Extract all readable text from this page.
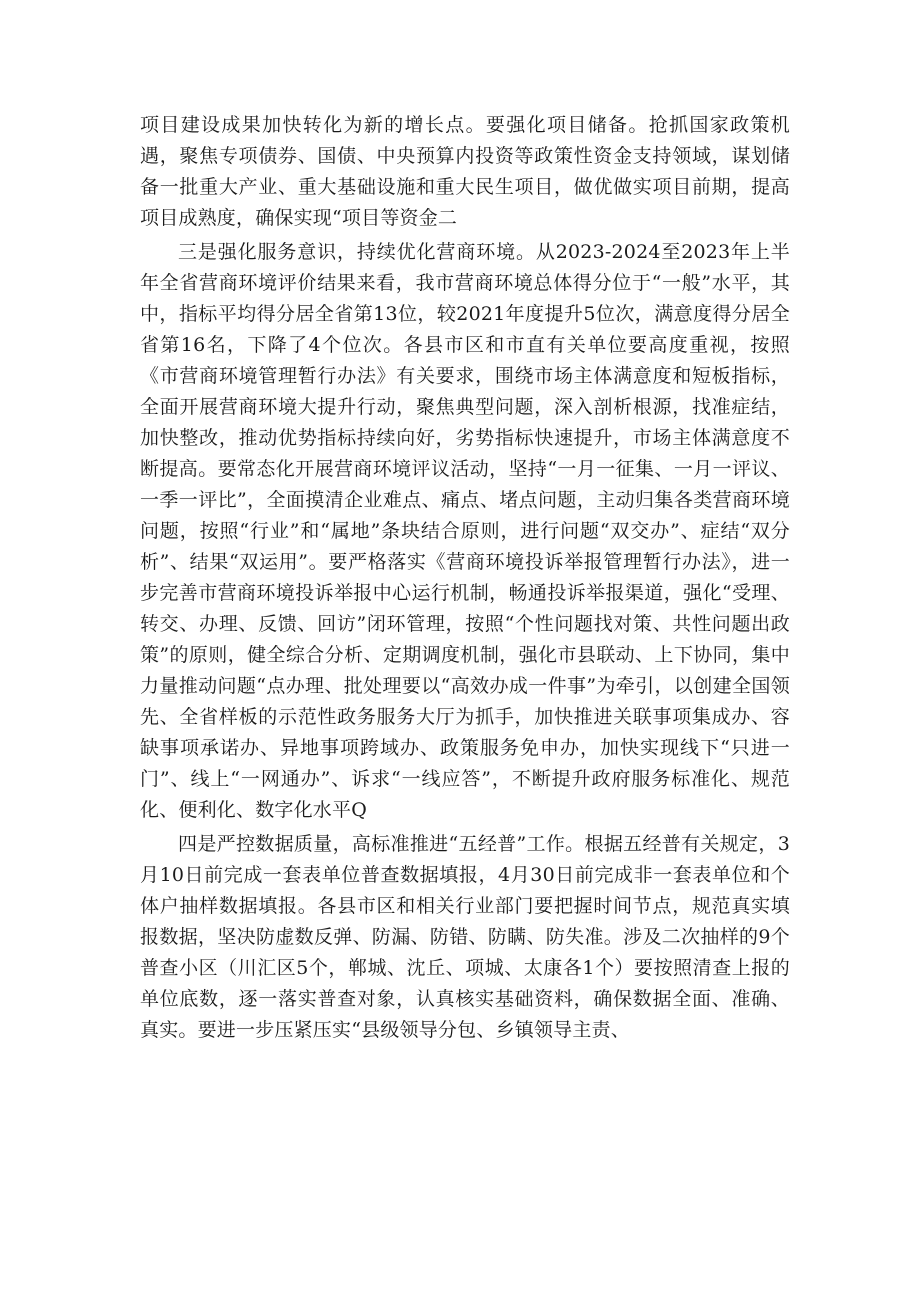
项目建设成果加快转化为新的增长点。要强化项目储备。抢抓国家政策机遇，聚焦专项债券、国债、中央预算内投资等政策性资金支持领域，谋划储备一批重大产业、重大基础设施和重大民生项目，做优做实项目前期，提高项目成熟度，确保实现“项目等资金二

三是强化服务意识，持续优化营商环境。从2023-2024至2023年上半年全省营商环境评价结果来看，我市营商环境总体得分位于“一般”水平，其中，指标平均得分居全省第13位，较2021年度提升5位次，满意度得分居全省第16名，下降了4个位次。各县市区和市直有关单位要高度重视，按照《市营商环境管理暂行办法》有关要求，围绕市场主体满意度和短板指标，全面开展营商环境大提升行动，聚焦典型问题，深入剖析根源，找准症结，加快整改，推动优势指标持续向好，劣势指标快速提升，市场主体满意度不断提高。要常态化开展营商环境评议活动，坚持“一月一征集、一月一评议、一季一评比”，全面摸清企业难点、痛点、堵点问题，主动归集各类营商环境问题，按照“行业”和“属地”条块结合原则，进行问题“双交办”、症结“双分析”、结果“双运用”。要严格落实《营商环境投诉举报管理暂行办法》，进一步完善市营商环境投诉举报中心运行机制，畅通投诉举报渠道，强化“受理、转交、办理、反馈、回访”闭环管理，按照“个性问题找对策、共性问题出政策”的原则，健全综合分析、定期调度机制，强化市县联动、上下协同，集中力量推动问题“点办理、批处理要以“高效办成一件事”为牵引，以创建全国领先、全省样板的示范性政务服务大厅为抓手，加快推进关联事项集成办、容缺事项承诺办、异地事项跨域办、政策服务免申办，加快实现线下“只进一门”、线上“一网通办”、诉求“一线应答”，不断提升政府服务标准化、规范化、便利化、数字化水平Q

四是严控数据质量，高标准推进“五经普”工作。根据五经普有关规定，3月10日前完成一套表单位普查数据填报，4月30日前完成非一套表单位和个体户抽样数据填报。各县市区和相关行业部门要把握时间节点，规范真实填报数据，坚决防虚数反弹、防漏、防错、防瞒、防失准。涉及二次抽样的9个普查小区（川汇区5个，郸城、沈丘、项城、太康各1个）要按照清查上报的单位底数，逐一落实普查对象，认真核实基础资料，确保数据全面、准确、真实。要进一步压紧压实“县级领导分包、乡镇领导主责、
